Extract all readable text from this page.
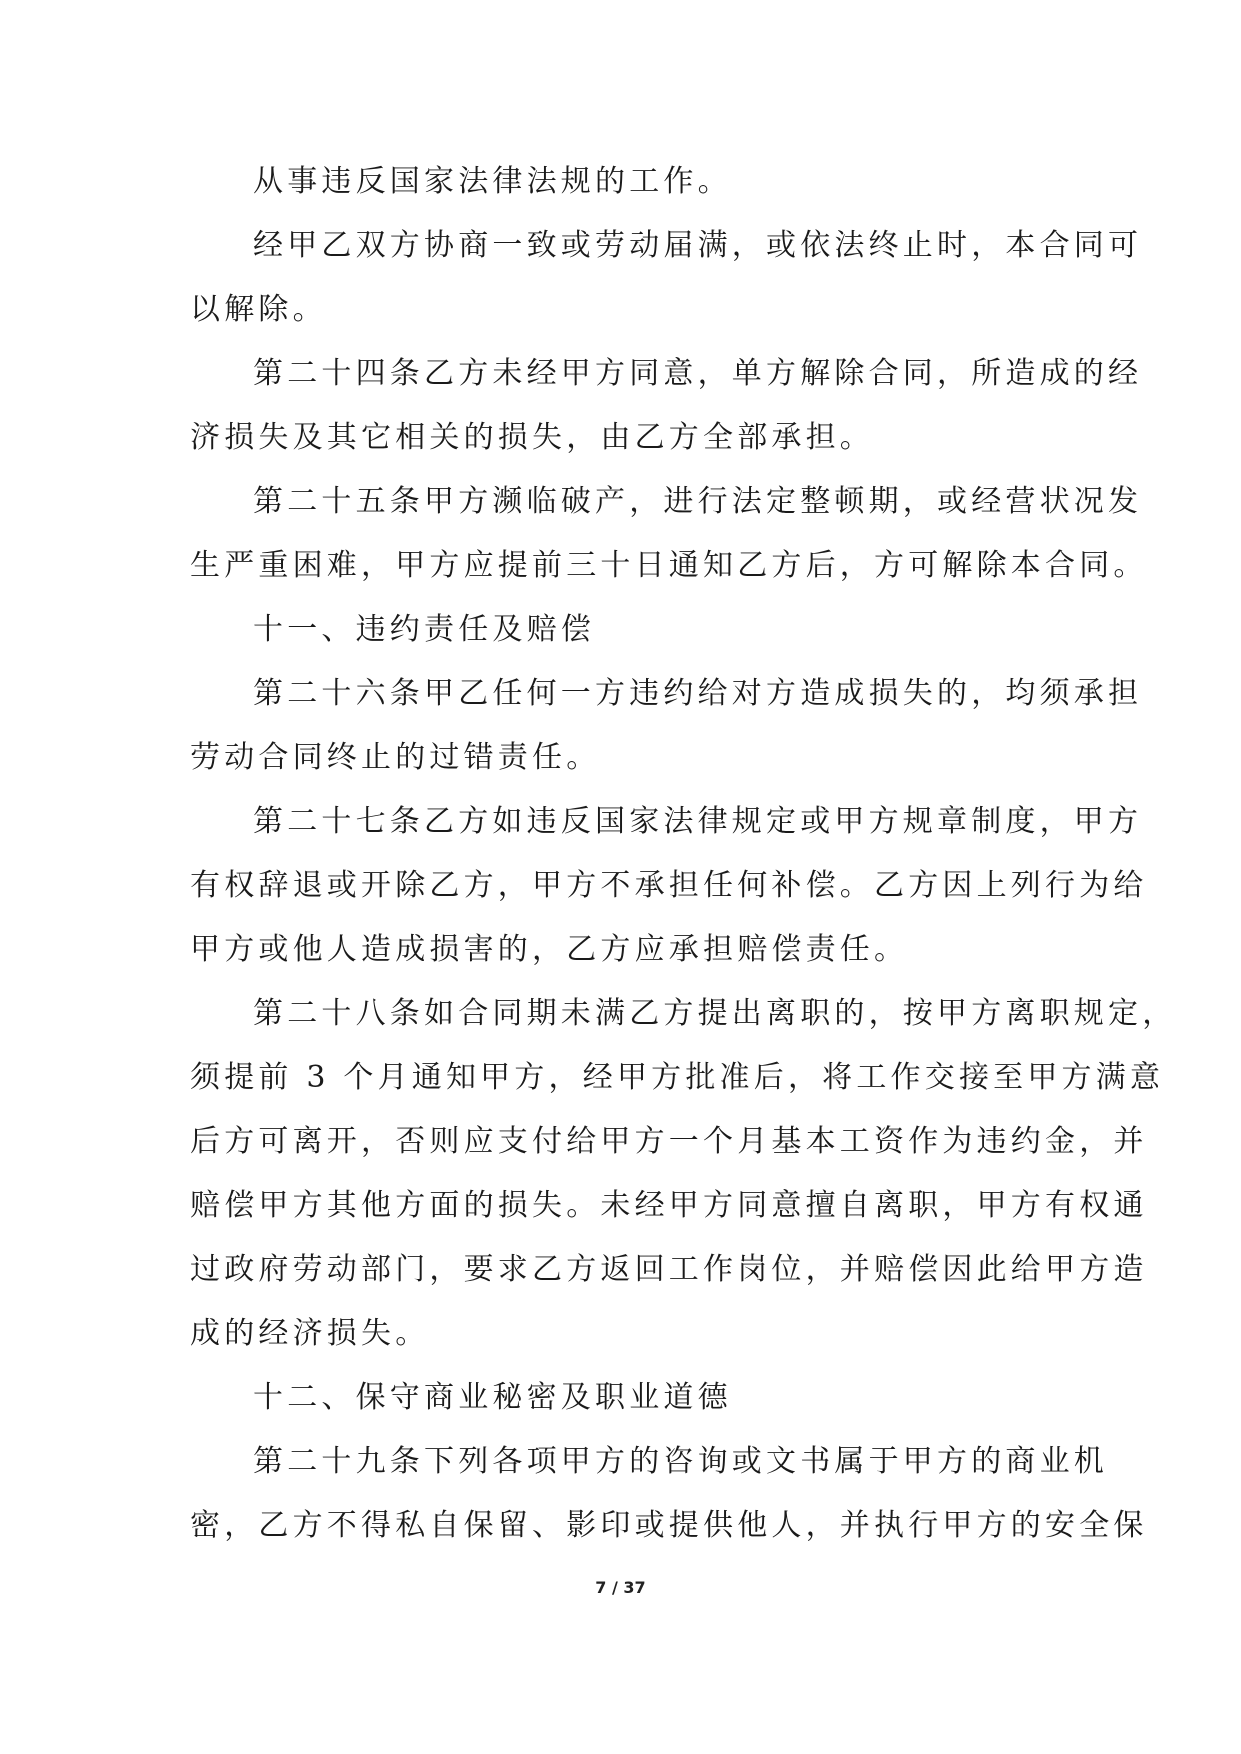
从事违反国家法律法规的工作。
经甲乙双方协商一致或劳动届满，或依法终止时，本合同可
以解除。
第二十四条乙方未经甲方同意，单方解除合同，所造成的经
济损失及其它相关的损失，由乙方全部承担。
第二十五条甲方濒临破产，进行法定整顿期，或经营状况发
生严重困难，甲方应提前三十日通知乙方后，方可解除本合同。
十一、违约责任及赔偿
第二十六条甲乙任何一方违约给对方造成损失的，均须承担
劳动合同终止的过错责任。
第二十七条乙方如违反国家法律规定或甲方规章制度，甲方
有权辞退或开除乙方，甲方不承担任何补偿。乙方因上列行为给
甲方或他人造成损害的，乙方应承担赔偿责任。
第二十八条如合同期未满乙方提出离职的，按甲方离职规定，
须提前 3 个月通知甲方，经甲方批准后，将工作交接至甲方满意
后方可离开，否则应支付给甲方一个月基本工资作为违约金，并
赔偿甲方其他方面的损失。未经甲方同意擅自离职，甲方有权通
过政府劳动部门，要求乙方返回工作岗位，并赔偿因此给甲方造
成的经济损失。
十二、保守商业秘密及职业道德
第二十九条下列各项甲方的咨询或文书属于甲方的商业机
密，乙方不得私自保留、影印或提供他人，并执行甲方的安全保
7 / 37
